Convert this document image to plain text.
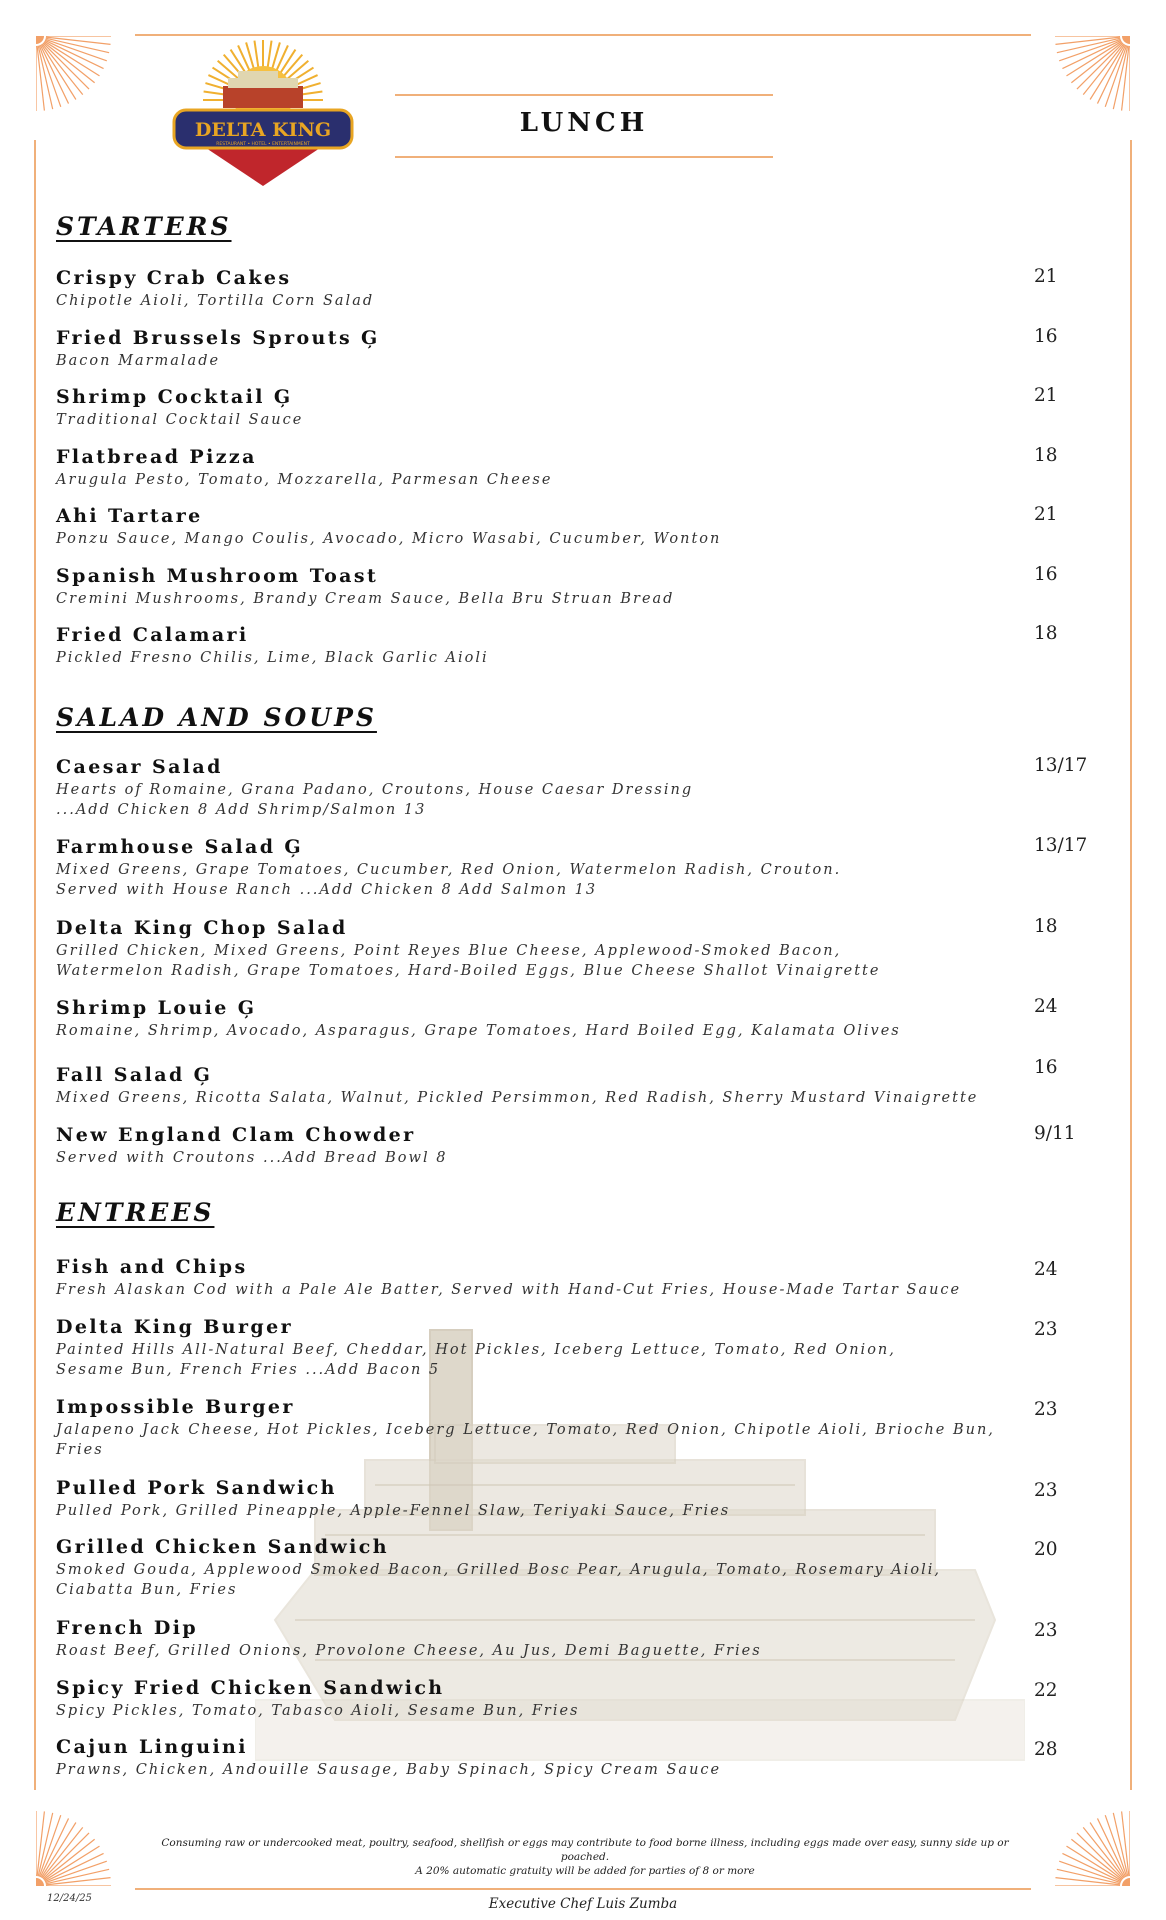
DELTA KING
RESTAURANT • HOTEL • ENTERTAINMENT
LUNCH
STARTERS
SALAD AND SOUPS
ENTREES
Crispy Crab Cakes
Chipotle Aioli, Tortilla Corn Salad
21
Fried Brussels Sprouts Ģ
Bacon Marmalade
16
Shrimp Cocktail Ģ
Traditional Cocktail Sauce
21
Flatbread Pizza
Arugula Pesto, Tomato, Mozzarella, Parmesan Cheese
18
Ahi Tartare
Ponzu Sauce, Mango Coulis, Avocado, Micro Wasabi, Cucumber, Wonton
21
Spanish Mushroom Toast
Cremini Mushrooms, Brandy Cream Sauce, Bella Bru Struan Bread
16
Fried Calamari
Pickled Fresno Chilis, Lime, Black Garlic Aioli
18
Caesar Salad
Hearts of Romaine, Grana Padano, Croutons, House Caesar Dressing
...Add Chicken 8 Add Shrimp/Salmon 13
13/17
Farmhouse Salad Ģ
Mixed Greens, Grape Tomatoes, Cucumber, Red Onion, Watermelon Radish, Crouton.
Served with House Ranch ...Add Chicken 8 Add Salmon 13
13/17
Delta King Chop Salad
Grilled Chicken, Mixed Greens, Point Reyes Blue Cheese, Applewood-Smoked Bacon,
Watermelon Radish, Grape Tomatoes, Hard-Boiled Eggs, Blue Cheese Shallot Vinaigrette
18
Shrimp Louie Ģ
Romaine, Shrimp, Avocado, Asparagus, Grape Tomatoes, Hard Boiled Egg, Kalamata Olives
24
Fall Salad Ģ
Mixed Greens, Ricotta Salata, Walnut, Pickled Persimmon, Red Radish, Sherry Mustard Vinaigrette
16
New England Clam Chowder
Served with Croutons ...Add Bread Bowl 8
9/11
Fish and Chips
Fresh Alaskan Cod with a Pale Ale Batter, Served with Hand-Cut Fries, House-Made Tartar Sauce
24
Delta King Burger
Painted Hills All-Natural Beef, Cheddar, Hot Pickles, Iceberg Lettuce, Tomato, Red Onion,
Sesame Bun, French Fries ...Add Bacon 5
23
Impossible Burger
Jalapeno Jack Cheese, Hot Pickles, Iceberg Lettuce, Tomato, Red Onion, Chipotle Aioli, Brioche Bun,
Fries
23
Pulled Pork Sandwich
Pulled Pork, Grilled Pineapple, Apple-Fennel Slaw, Teriyaki Sauce, Fries
23
Grilled Chicken Sandwich
Smoked Gouda, Applewood Smoked Bacon, Grilled Bosc Pear, Arugula, Tomato, Rosemary Aioli,
Ciabatta Bun, Fries
20
French Dip
Roast Beef, Grilled Onions, Provolone Cheese, Au Jus, Demi Baguette, Fries
23
Spicy Fried Chicken Sandwich
Spicy Pickles, Tomato, Tabasco Aioli, Sesame Bun, Fries
22
Cajun Linguini
Prawns, Chicken, Andouille Sausage, Baby Spinach, Spicy Cream Sauce
28
Consuming raw or undercooked meat, poultry, seafood, shellfish or eggs may contribute to food borne illness, including eggs made over easy, sunny side up or poached.
A 20% automatic gratuity will be added for parties of 8 or more
12/24/25	Executive Chef Luis Zumba
